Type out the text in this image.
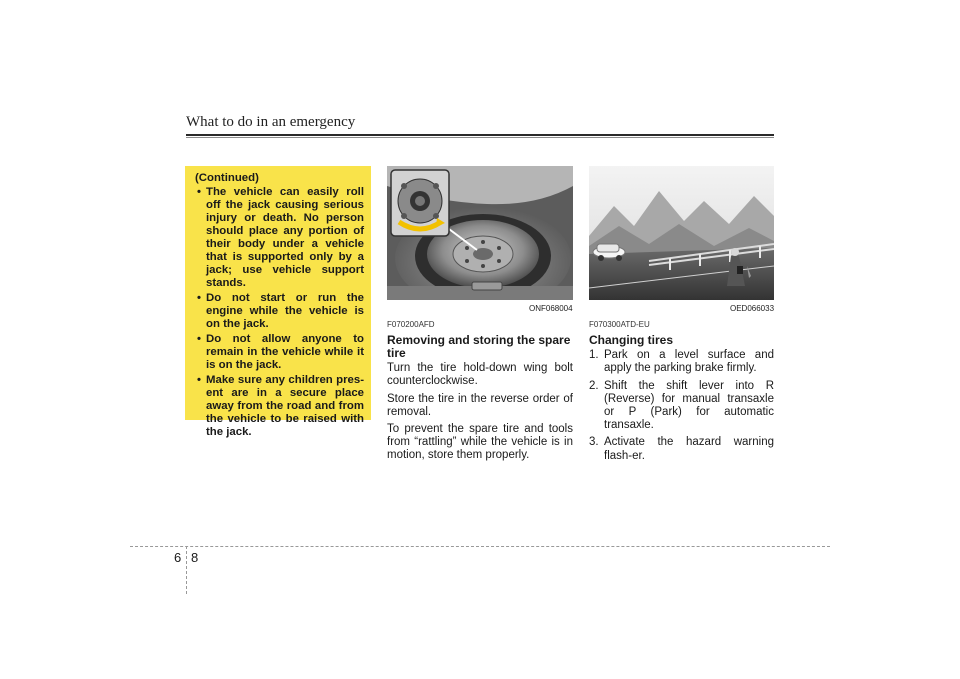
What to do in an emergency
(Continued)
• The vehicle can easily roll off the jack causing serious injury or death. No person should place any portion of their body under a vehicle that is supported only by a jack; use vehicle support stands.
• Do not start or run the engine while the vehicle is on the jack.
• Do not allow anyone to remain in the vehicle while it is on the jack.
• Make sure any children pres-ent are in a secure place away from the road and from the vehicle to be raised with the jack.
ONF068004	OED066033
F070200AFD
Removing and storing the spare tire

Turn the tire hold-down wing bolt counterclockwise.

Store the tire in the reverse order of removal.

To prevent the spare tire and tools from “rattling” while the vehicle is in motion, store them properly.

F070300ATD-EU
Changing tires
1. Park on a level surface and apply the parking brake firmly.
2. Shift the shift lever into R (Reverse) for manual transaxle or P (Park) for automatic transaxle.
3. Activate the hazard warning flash-er.
6 8
